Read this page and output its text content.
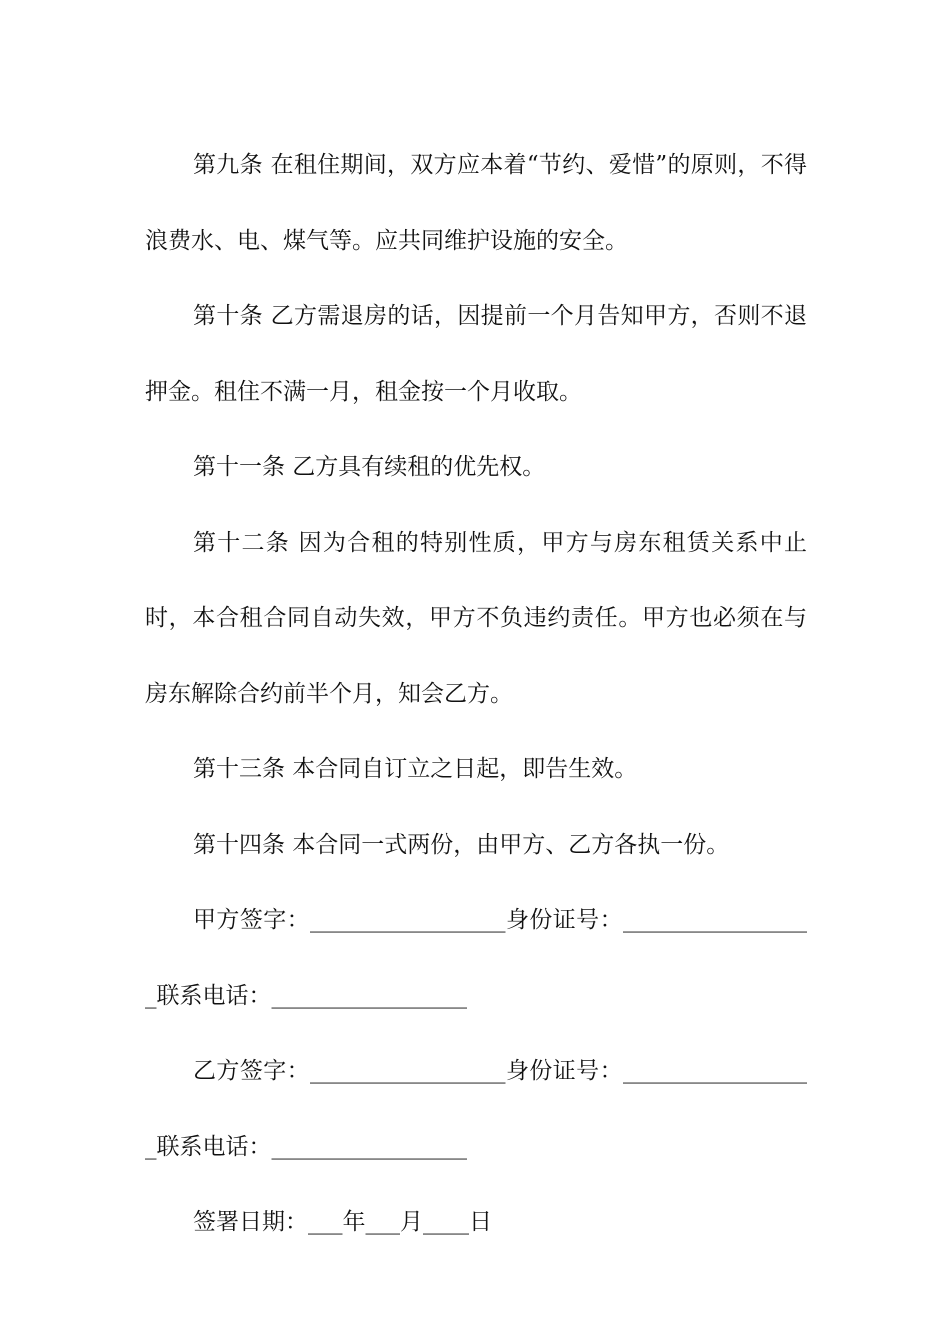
第九条 在租住期间，双方应本着“节约、爱惜”的原则，不得浪费水、电、煤气等。应共同维护设施的安全。

第十条 乙方需退房的话，因提前一个月告知甲方，否则不退押金。租住不满一月，租金按一个月收取。

第十一条 乙方具有续租的优先权。

第十二条 因为合租的特别性质，甲方与房东租赁关系中止时，本合租合同自动失效，甲方不负违约责任。甲方也必须在与房东解除合约前半个月，知会乙方。

第十三条 本合同自订立之日起，即告生效。

第十四条 本合同一式两份，由甲方、乙方各执一份。

甲方签字：_________________身份证号：_________________联系电话：_________________

乙方签字：_________________身份证号：_________________联系电话：_________________

签署日期：___年___月____日
